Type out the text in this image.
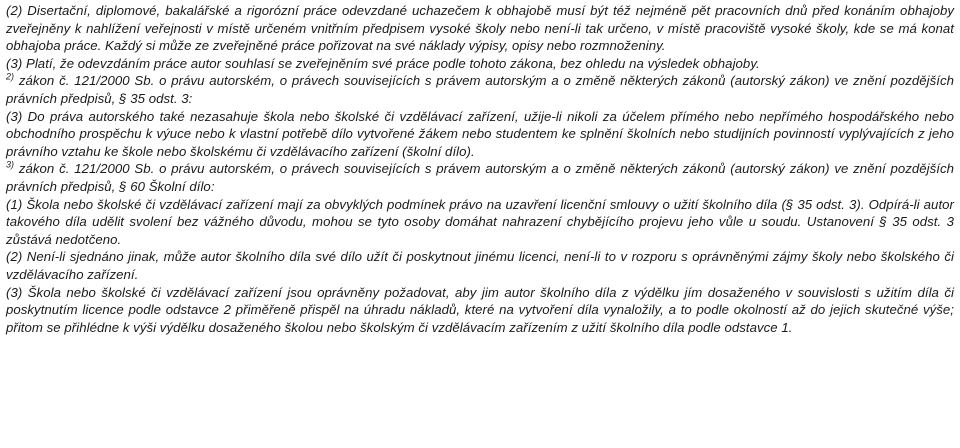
(2) Disertační, diplomové, bakalářské a rigorózní práce odevzdané uchazečem k obhajobě musí být též nejméně pět pracovních dnů před konáním obhajoby zveřejněny k nahlížení veřejnosti v místě určeném vnitřním předpisem vysoké školy nebo není-li tak určeno, v místě pracoviště vysoké školy, kde se má konat obhajoba práce. Každý si může ze zveřejněné práce pořizovat na své náklady výpisy, opisy nebo rozmnoženiny.

(3) Platí, že odevzdáním práce autor souhlasí se zveřejněním své práce podle tohoto zákona, bez ohledu na výsledek obhajoby.

$^{2)}$ zákon č. 121/2000 Sb. o právu autorském, o právech souvisejících s právem autorským a o změně některých zákonů (autorský zákon) ve znění pozdějších právních předpisů, § 35 odst. 3:

(3) Do práva autorského také nezasahuje škola nebo školské či vzdělávací zařízení, užije-li nikoli za účelem přímého nebo nepřímého hospodářského nebo obchodního prospěchu k výuce nebo k vlastní potřebě dílo vytvořené žákem nebo studentem ke splnění školních nebo studijních povinností vyplývajících z jeho právního vztahu ke škole nebo školskému či vzdělávacího zařízení (školní dílo).

$^{3)}$ zákon č. 121/2000 Sb. o právu autorském, o právech souvisejících s právem autorským a o změně některých zákonů (autorský zákon) ve znění pozdějších právních předpisů, § 60 Školní dílo:

(1) Škola nebo školské či vzdělávací zařízení mají za obvyklých podmínek právo na uzavření licenční smlouvy o užití školního díla (§ 35 odst. 3). Odpírá-li autor takového díla udělit svolení bez vážného důvodu, mohou se tyto osoby domáhat nahrazení chybějícího projevu jeho vůle u soudu. Ustanovení § 35 odst. 3 zůstává nedotčeno.

(2) Není-li sjednáno jinak, může autor školního díla své dílo užít či poskytnout jinému licenci, není-li to v rozporu s oprávněnými zájmy školy nebo školského či vzdělávacího zařízení.

(3) Škola nebo školské či vzdělávací zařízení jsou oprávněny požadovat, aby jim autor školního díla z výdělku jím dosaženého v souvislosti s užitím díla či poskytnutím licence podle odstavce 2 přiměřeně přispěl na úhradu nákladů, které na vytvoření díla vynaložily, a to podle okolností až do jejich skutečné výše; přitom se přihlédne k výši výdělku dosaženého školou nebo školským či vzdělávacím zařízením z užití školního díla podle odstavce 1.
